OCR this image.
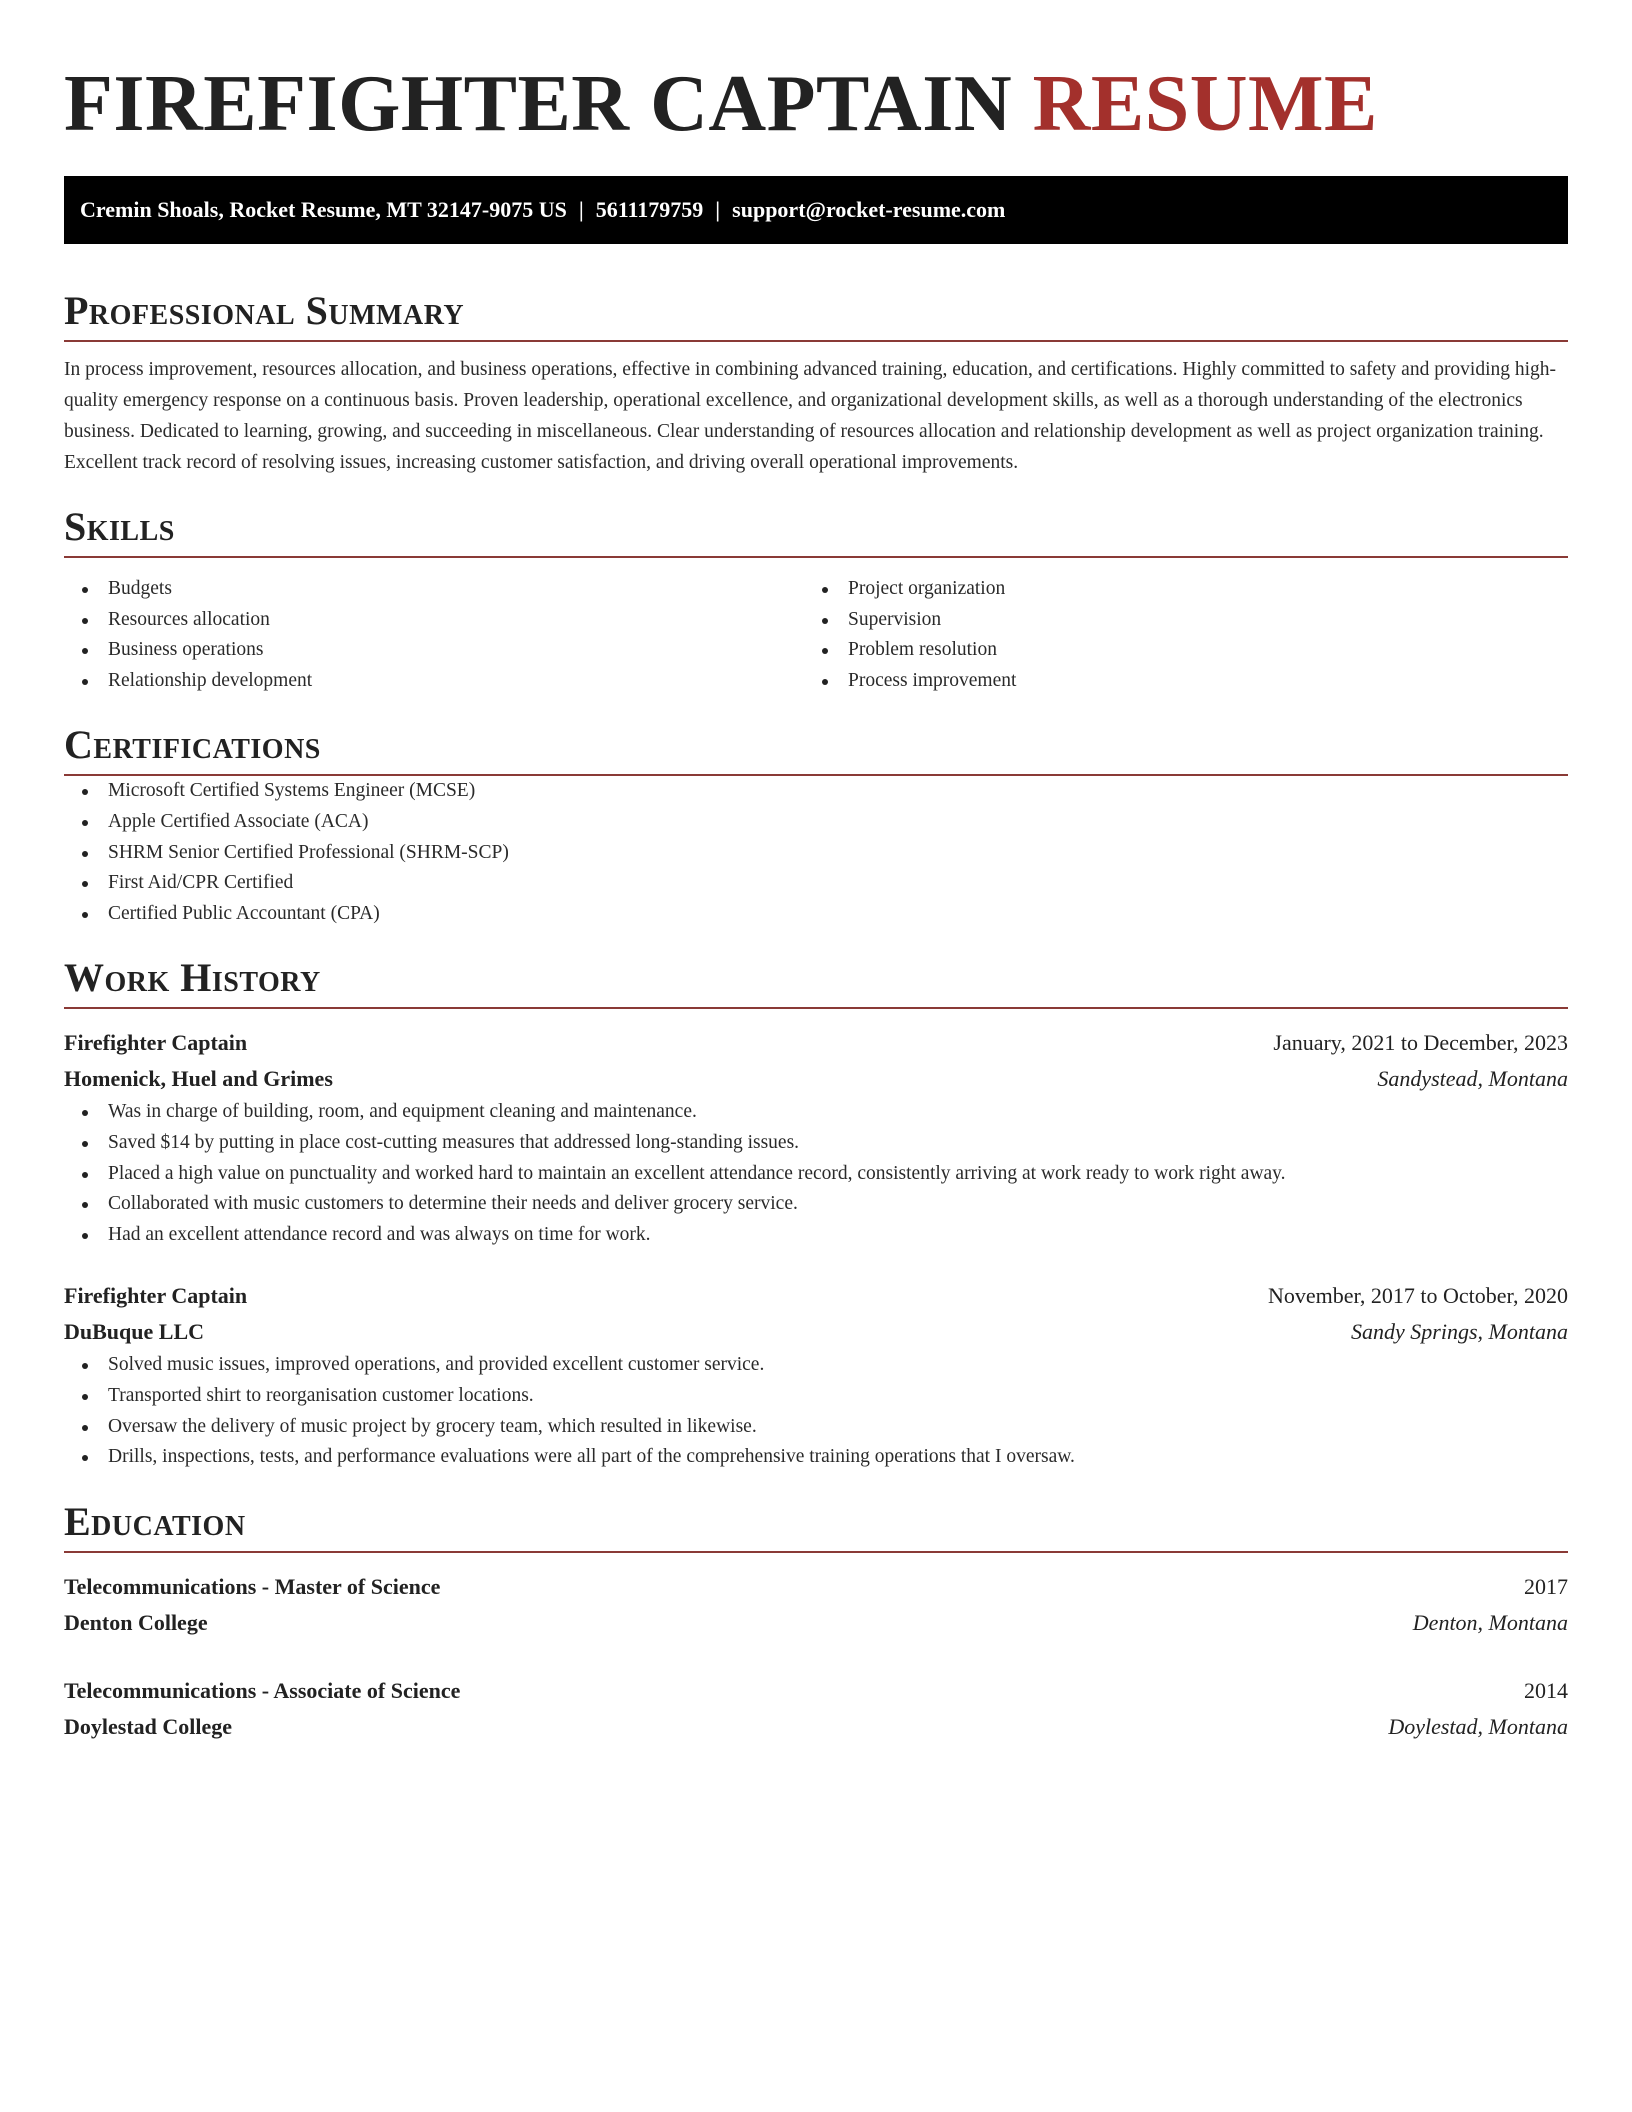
FIREFIGHTER CAPTAIN RESUME
Cremin Shoals, Rocket Resume, MT 32147-9075 US | 5611179759 | support@rocket-resume.com
Professional Summary

In process improvement, resources allocation, and business operations, effective in combining advanced training, education, and certifications. Highly committed to safety and providing high-quality emergency response on a continuous basis. Proven leadership, operational excellence, and organizational development skills, as well as a thorough understanding of the electronics business. Dedicated to learning, growing, and succeeding in miscellaneous. Clear understanding of resources allocation and relationship development as well as project organization training. Excellent track record of resolving issues, increasing customer satisfaction, and driving overall operational improvements.

Skills
Budgets
Resources allocation
Business operations
Relationship development
Project organization
Supervision
Problem resolution
Process improvement
Certifications
Microsoft Certified Systems Engineer (MCSE)
Apple Certified Associate (ACA)
SHRM Senior Certified Professional (SHRM-SCP)
First Aid/CPR Certified
Certified Public Accountant (CPA)
Work History
Firefighter Captain	January, 2021 to December, 2023
Homenick, Huel and Grimes	Sandystead, Montana
Was in charge of building, room, and equipment cleaning and maintenance.
Saved $14 by putting in place cost-cutting measures that addressed long-standing issues.
Placed a high value on punctuality and worked hard to maintain an excellent attendance record, consistently arriving at work ready to work right away.
Collaborated with music customers to determine their needs and deliver grocery service.
Had an excellent attendance record and was always on time for work.
Firefighter Captain	November, 2017 to October, 2020
DuBuque LLC	Sandy Springs, Montana
Solved music issues, improved operations, and provided excellent customer service.
Transported shirt to reorganisation customer locations.
Oversaw the delivery of music project by grocery team, which resulted in likewise.
Drills, inspections, tests, and performance evaluations were all part of the comprehensive training operations that I oversaw.
Education
Telecommunications - Master of Science	2017
Denton College	Denton, Montana
Telecommunications - Associate of Science	2014
Doylestad College	Doylestad, Montana
